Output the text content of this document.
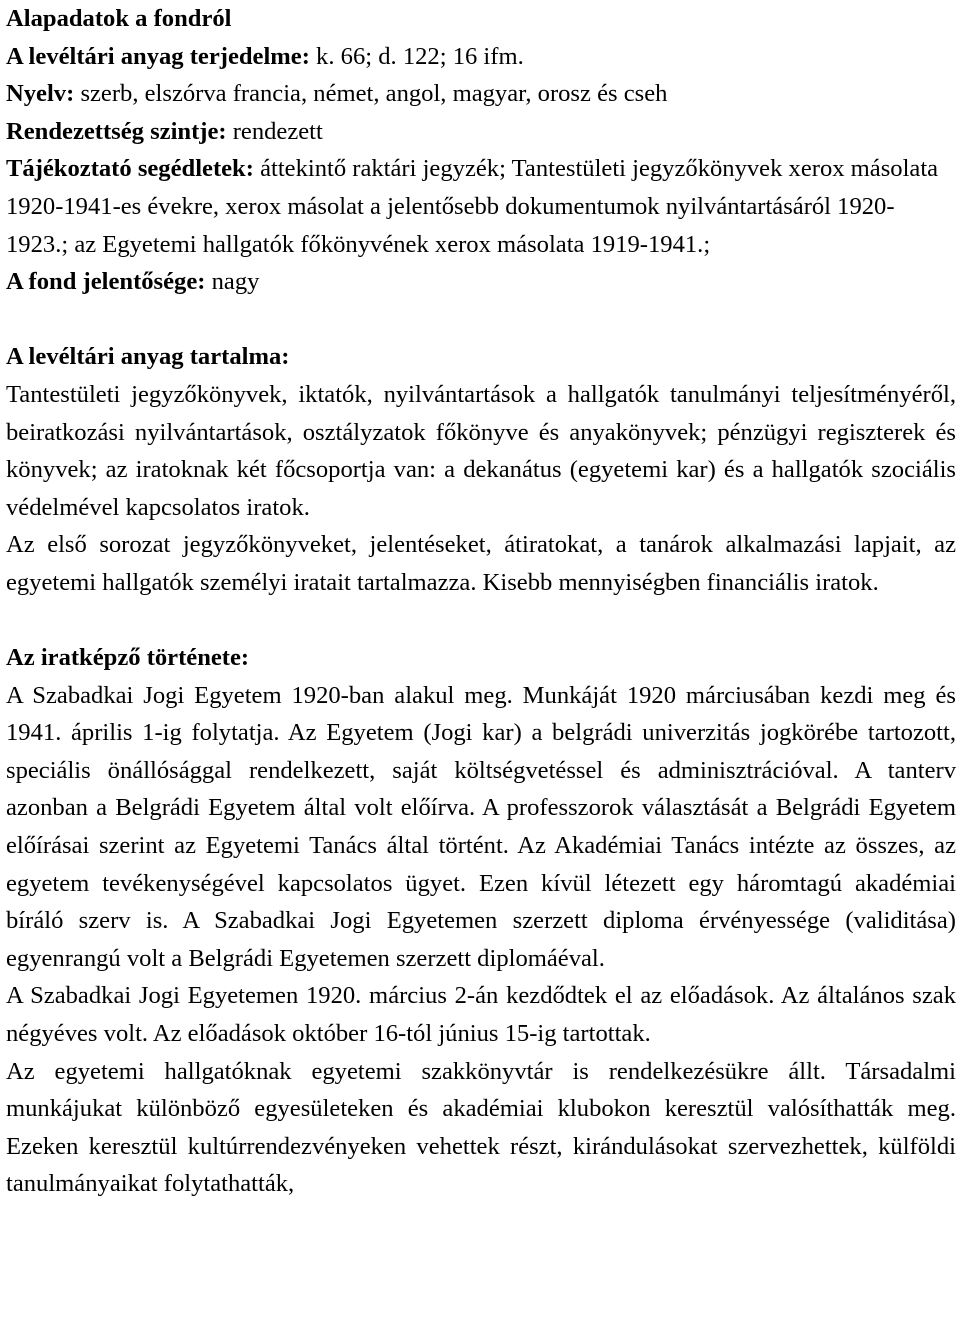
Alapadatok a fondról

A levéltári anyag terjedelme: k. 66; d. 122; 16 ifm.

Nyelv: szerb, elszórva francia, német, angol, magyar, orosz és cseh

Rendezettség szintje: rendezett

Tájékoztató segédletek: áttekintő raktári jegyzék; Tantestületi jegyzőkönyvek xerox másolata 1920-1941-es évekre, xerox másolat a jelentősebb dokumentumok nyilvántartásáról 1920-1923.; az Egyetemi hallgatók főkönyvének xerox másolata 1919-1941.;

A fond jelentősége: nagy

A levéltári anyag tartalma:

Tantestületi jegyzőkönyvek, iktatók, nyilvántartások a hallgatók tanulmányi teljesítményéről, beiratkozási nyilvántartások, osztályzatok főkönyve és anyakönyvek; pénzügyi regiszterek és könyvek; az iratoknak két főcsoportja van: a dekanátus (egyetemi kar) és a hallgatók szociális védelmével kapcsolatos iratok.

Az első sorozat jegyzőkönyveket, jelentéseket, átiratokat, a tanárok alkalmazási lapjait, az egyetemi hallgatók személyi iratait tartalmazza. Kisebb mennyiségben financiális iratok.

Az iratképző története:

A Szabadkai Jogi Egyetem 1920-ban alakul meg. Munkáját 1920 márciusában kezdi meg és 1941. április 1-ig folytatja. Az Egyetem (Jogi kar) a belgrádi univerzitás jogkörébe tartozott, speciális önállósággal rendelkezett, saját költségvetéssel és adminisztrációval. A tanterv azonban a Belgrádi Egyetem által volt előírva. A professzorok választását a Belgrádi Egyetem előírásai szerint az Egyetemi Tanács által történt. Az Akadémiai Tanács intézte az összes, az egyetem tevékenységével kapcsolatos ügyet. Ezen kívül létezett egy háromtagú akadémiai bíráló szerv is. A Szabadkai Jogi Egyetemen szerzett diploma érvényessége (validitása) egyenrangú volt a Belgrádi Egyetemen szerzett diplomáéval.

A Szabadkai Jogi Egyetemen 1920. március 2-án kezdődtek el az előadások. Az általános szak négyéves volt. Az előadások október 16-tól június 15-ig tartottak.

Az egyetemi hallgatóknak egyetemi szakkönyvtár is rendelkezésükre állt. Társadalmi munkájukat különböző egyesületeken és akadémiai klubokon keresztül valósíthatták meg. Ezeken keresztül kultúrrendezvényeken vehettek részt, kirándulásokat szervezhettek, külföldi tanulmányaikat folytathatták,
